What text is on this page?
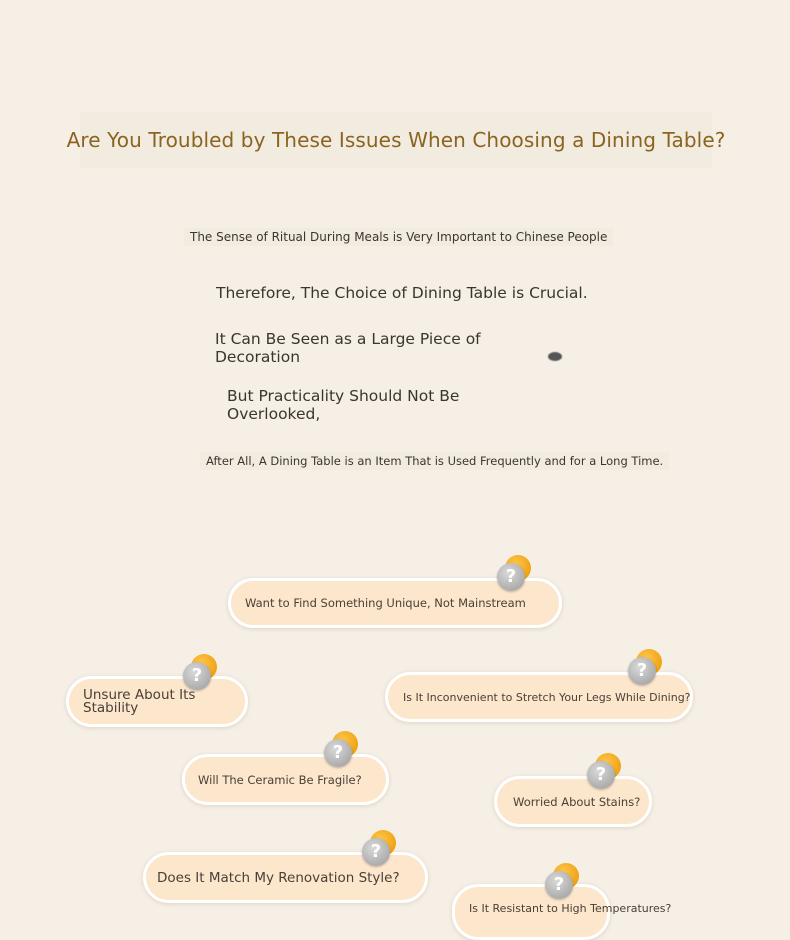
Are You Troubled by These Issues When Choosing a Dining Table?
The Sense of Ritual During Meals is Very Important to Chinese People
Therefore, The Choice of Dining Table is Crucial.
It Can Be Seen as a Large Piece of
Decoration
But Practicality Should Not Be
Overlooked,
After All, A Dining Table is an Item That is Used Frequently and for a Long Time.
Want to Find Something Unique, Not Mainstream
?
Unsure About Its
Stability
?
Is It Inconvenient to Stretch Your Legs While Dining?
?
Will The Ceramic Be Fragile?
?
Worried About Stains?
?
Does It Match My Renovation Style?
?
Is It Resistant to High Temperatures?
?
